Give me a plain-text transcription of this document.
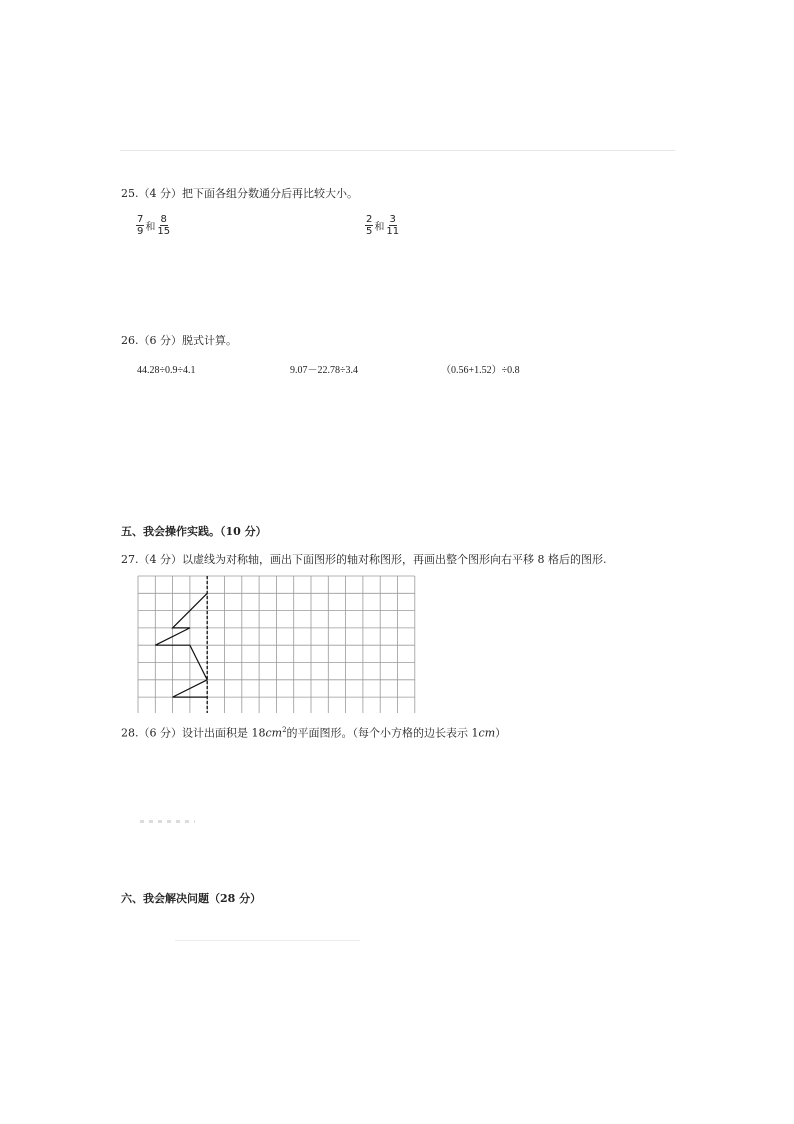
25.（4 分）把下面各组分数通分后再比较大小。
$\frac{7}{9}$ 和 $\frac{8}{15}$	$\frac{2}{5}$ 和 $\frac{3}{11}$
26.（6 分）脱式计算。
44.28÷0.9÷4.1	9.07－22.78÷3.4	（0.56+1.52）÷0.8
五、我会操作实践。（10 分）
27.（4 分）以虚线为对称轴，画出下面图形的轴对称图形，再画出整个图形向右平移 8 格后的图形.
28.（6 分）设计出面积是 $18cm^2$的平面图形。（每个小方格的边长表示 1cm）
六、我会解决问题（28 分）
